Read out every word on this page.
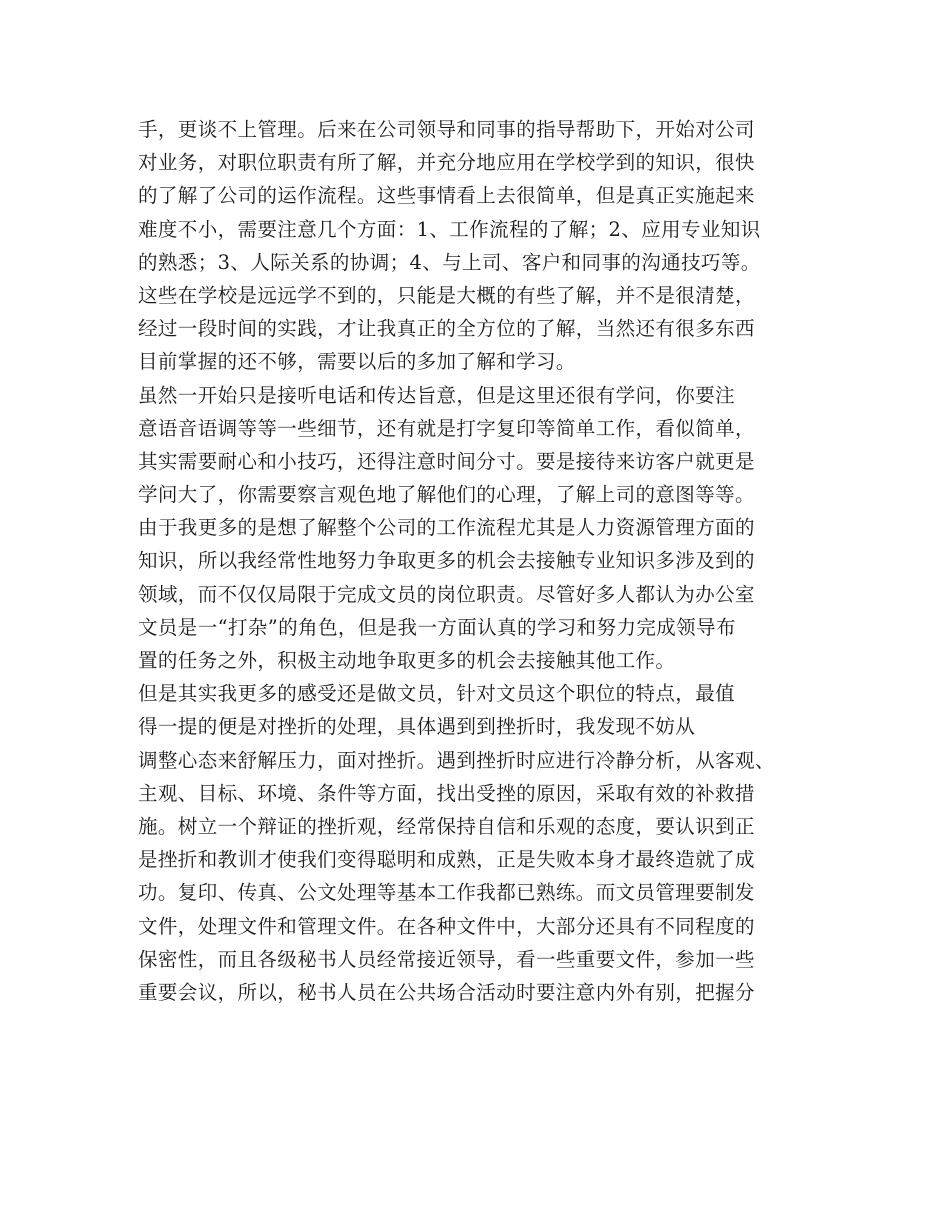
手，更谈不上管理。后来在公司领导和同事的指导帮助下，开始对公司
对业务，对职位职责有所了解，并充分地应用在学校学到的知识，很快
的了解了公司的运作流程。这些事情看上去很简单，但是真正实施起来
难度不小，需要注意几个方面：1、工作流程的了解；2、应用专业知识
的熟悉；3、人际关系的协调；4、与上司、客户和同事的沟通技巧等。
这些在学校是远远学不到的，只能是大概的有些了解，并不是很清楚，
经过一段时间的实践，才让我真正的全方位的了解，当然还有很多东西
目前掌握的还不够，需要以后的多加了解和学习。
虽然一开始只是接听电话和传达旨意，但是这里还很有学问，你要注
意语音语调等等一些细节，还有就是打字复印等简单工作，看似简单，
其实需要耐心和小技巧，还得注意时间分寸。要是接待来访客户就更是
学问大了，你需要察言观色地了解他们的心理，了解上司的意图等等。
由于我更多的是想了解整个公司的工作流程尤其是人力资源管理方面的
知识，所以我经常性地努力争取更多的机会去接触专业知识多涉及到的
领域，而不仅仅局限于完成文员的岗位职责。尽管好多人都认为办公室
文员是一“打杂”的角色，但是我一方面认真的学习和努力完成领导布
置的任务之外，积极主动地争取更多的机会去接触其他工作。
但是其实我更多的感受还是做文员，针对文员这个职位的特点，最值
得一提的便是对挫折的处理，具体遇到到挫折时，我发现不妨从
调整心态来舒解压力，面对挫折。遇到挫折时应进行冷静分析，从客观、
主观、目标、环境、条件等方面，找出受挫的原因，采取有效的补救措
施。树立一个辩证的挫折观，经常保持自信和乐观的态度，要认识到正
是挫折和教训才使我们变得聪明和成熟，正是失败本身才最终造就了成
功。复印、传真、公文处理等基本工作我都已熟练。而文员管理要制发
文件，处理文件和管理文件。在各种文件中，大部分还具有不同程度的
保密性，而且各级秘书人员经常接近领导，看一些重要文件，参加一些
重要会议，所以，秘书人员在公共场合活动时要注意内外有别，把握分
